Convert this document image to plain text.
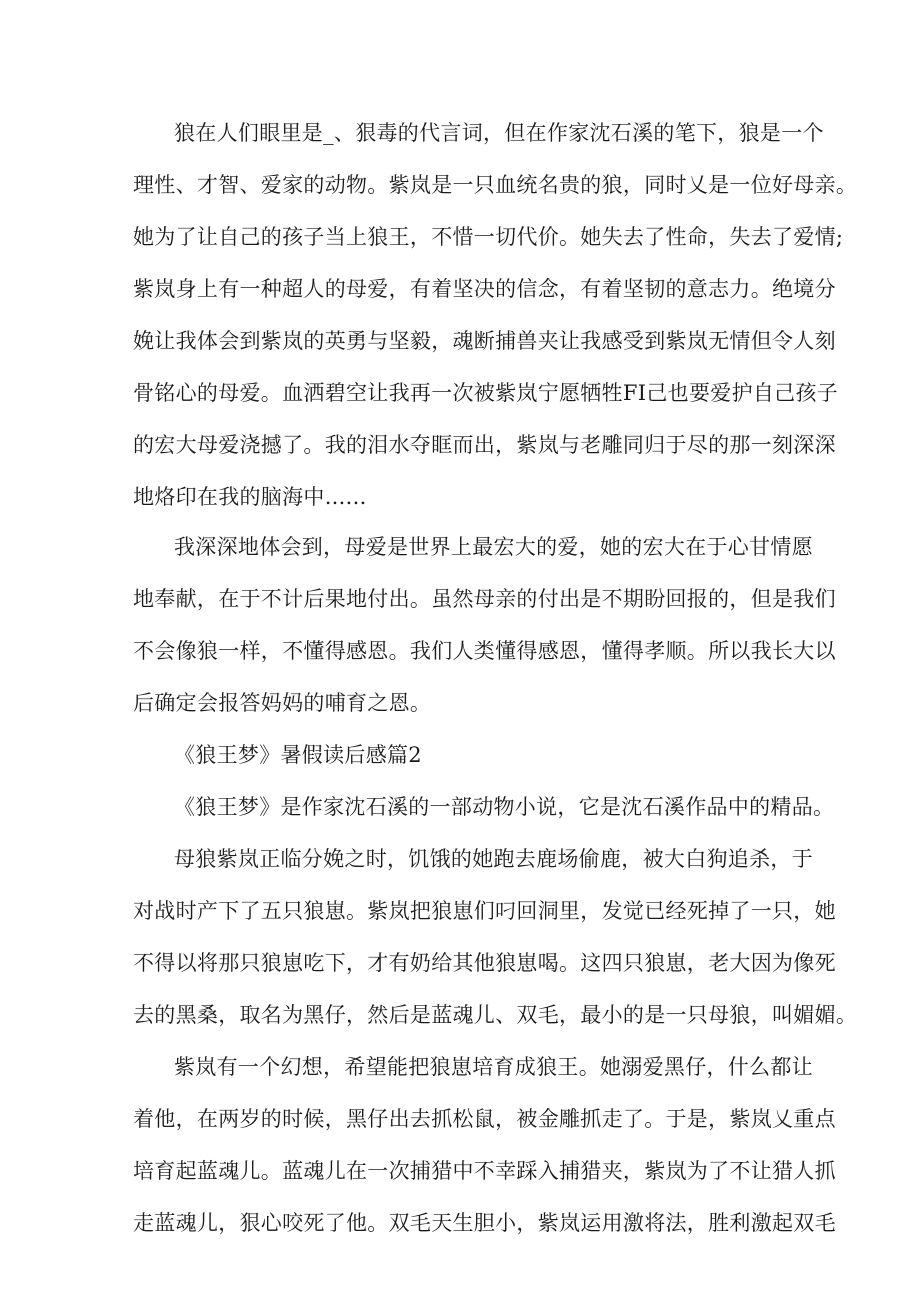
狼在人们眼里是_、狠毒的代言词，但在作家沈石溪的笔下，狼是一个
理性、才智、爱家的动物。紫岚是一只血统名贵的狼，同时乂是一位好母亲。
她为了让自己的孩子当上狼王，不惜一切代价。她失去了性命，失去了爱情;
紫岚身上有一种超人的母爱，有着坚决的信念，有着坚韧的意志力。绝境分
娩让我体会到紫岚的英勇与坚毅，魂断捕兽夹让我感受到紫岚无情但令人刻
骨铭心的母爱。血洒碧空让我再一次被紫岚宁愿牺牲FI己也要爱护自己孩子
的宏大母爱浇撼了。我的泪水夺眶而出，紫岚与老雕同归于尽的那一刻深深
地烙印在我的脑海中......
我深深地体会到，母爱是世界上最宏大的爱，她的宏大在于心甘情愿
地奉献，在于不计后果地付出。虽然母亲的付出是不期盼回报的，但是我们
不会像狼一样，不懂得感恩。我们人类懂得感恩，懂得孝顺。所以我长大以
后确定会报答妈妈的哺育之恩。
《狼王梦》暑假读后感篇2
《狼王梦》是作家沈石溪的一部动物小说，它是沈石溪作品中的精品。
母狼紫岚正临分娩之时，饥饿的她跑去鹿场偷鹿，被大白狗追杀，于
对战时产下了五只狼崽。紫岚把狼崽们叼回洞里，发觉已经死掉了一只，她
不得以将那只狼崽吃下，才有奶给其他狼崽喝。这四只狼崽，老大因为像死
去的黑桑，取名为黑仔，然后是蓝魂儿、双毛，最小的是一只母狼，叫媚媚。
紫岚有一个幻想，希望能把狼崽培育成狼王。她溺爱黑仔，什么都让
着他，在两岁的时候，黑仔出去抓松鼠，被金雕抓走了。于是，紫岚乂重点
培育起蓝魂儿。蓝魂儿在一次捕猎中不幸踩入捕猎夹，紫岚为了不让猎人抓
走蓝魂儿，狠心咬死了他。双毛天生胆小，紫岚运用激将法，胜利激起双毛
